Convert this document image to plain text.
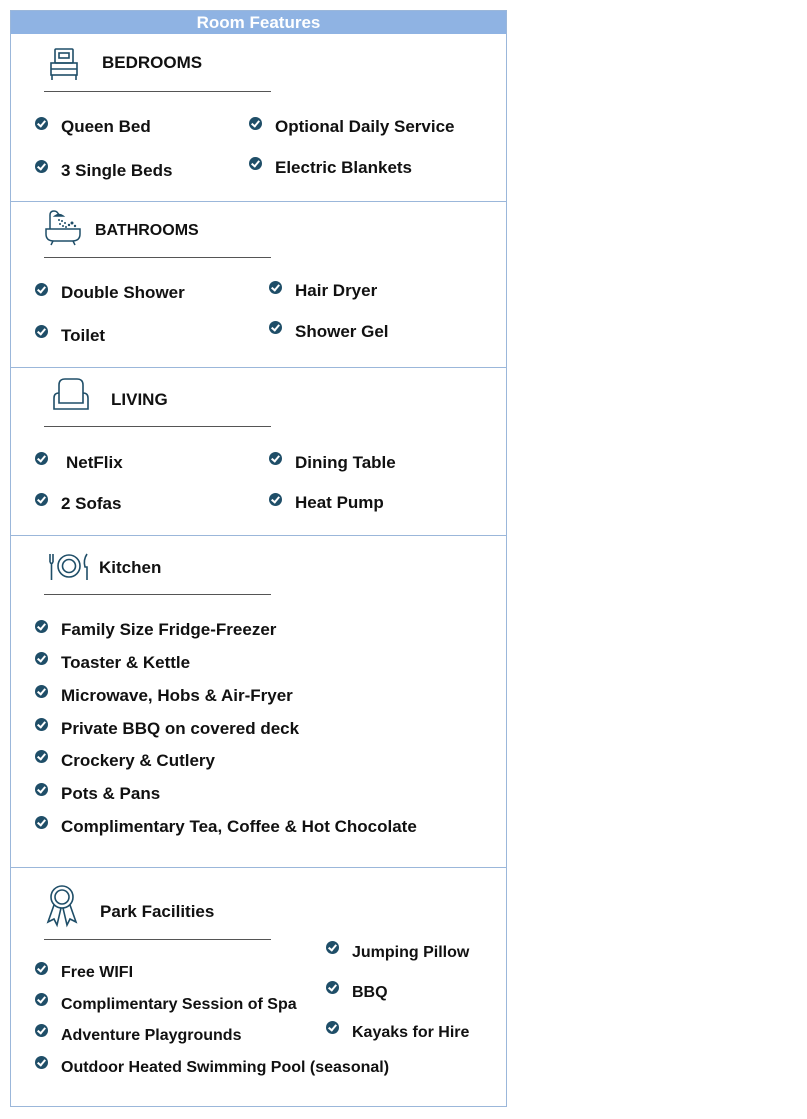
Room Features
BEDROOMS
Queen Bed
3 Single Beds
Optional Daily Service
Electric Blankets
BATHROOMS
Double Shower
Toilet
Hair Dryer
Shower Gel
LIVING
NetFlix
2 Sofas
Dining Table
Heat Pump
Kitchen
Family Size Fridge-Freezer
Toaster & Kettle
Microwave, Hobs & Air-Fryer
Private BBQ on covered deck
Crockery & Cutlery
Pots & Pans
Complimentary Tea, Coffee & Hot Chocolate
Park Facilities
Free WIFI
Complimentary Session of Spa
Adventure Playgrounds
Outdoor Heated Swimming Pool (seasonal)
Jumping Pillow
BBQ
Kayaks for Hire
